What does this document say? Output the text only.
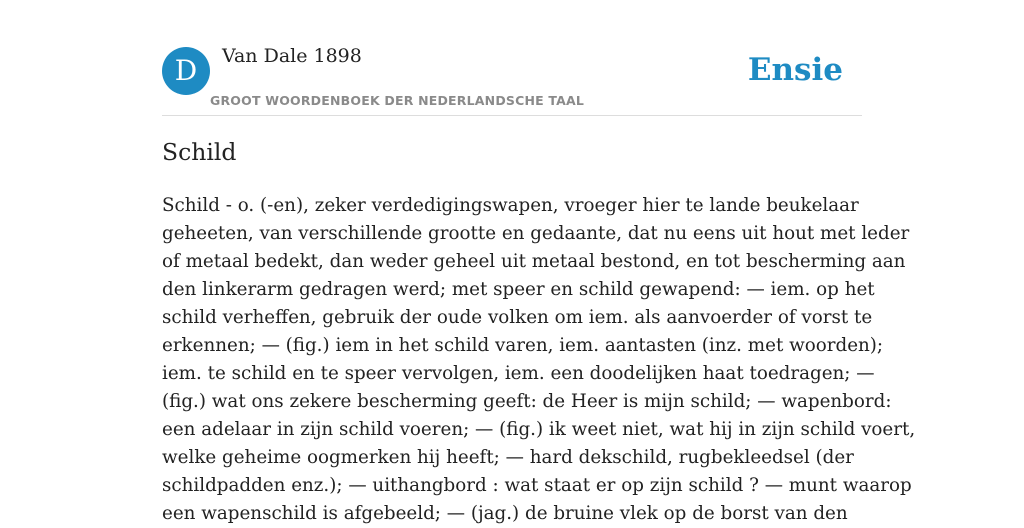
D	Van Dale 1898
GROOT WOORDENBOEK DER NEDERLANDSCHE TAAL
Ensie
Schild

Schild - o. (-en), zeker verdedigingswapen, vroeger hier te lande beukelaar
geheeten, van verschillende grootte en gedaante, dat nu eens uit hout met leder
of metaal bedekt, dan weder geheel uit metaal bestond, en tot bescherming aan
den linkerarm gedragen werd; met speer en schild gewapend: — iem. op het
schild verheffen, gebruik der oude volken om iem. als aanvoerder of vorst te
erkennen; — (fig.) iem in het schild varen, iem. aantasten (inz. met woorden);
iem. te schild en te speer vervolgen, iem. een doodelijken haat toedragen; —
(fig.) wat ons zekere bescherming geeft: de Heer is mijn schild; — wapenbord:
een adelaar in zijn schild voeren; — (fig.) ik weet niet, wat hij in zijn schild voert,
welke geheime oogmerken hij heeft; — hard dekschild, rugbekleedsel (der
schildpadden enz.); — uithangbord : wat staat er op zijn schild ? — munt waarop
een wapenschild is afgebeeld; — (jag.) de bruine vlek op de borst van den
